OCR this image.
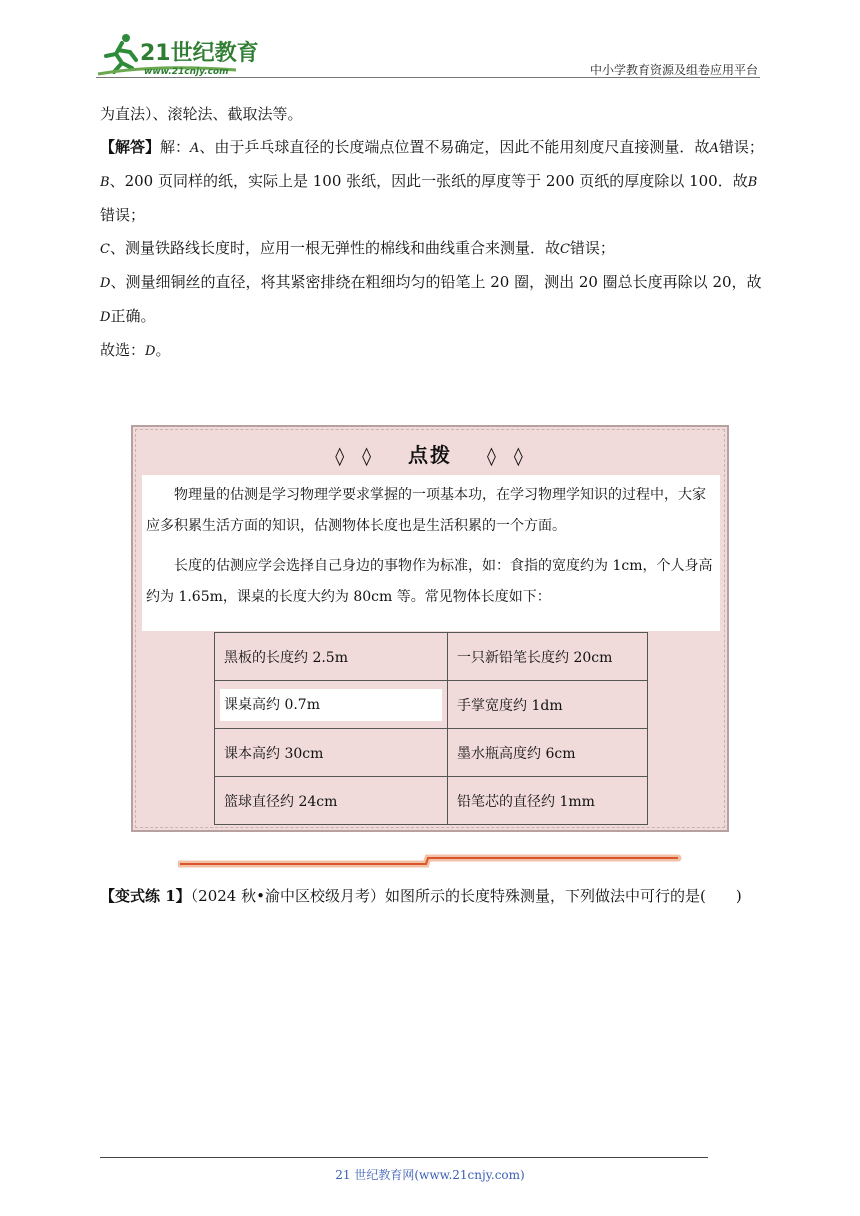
21世纪教育
www.21cnjy.com	中小学教育资源及组卷应用平台

为直法）、滚轮法、截取法等。

【解答】解：A、由于乒乓球直径的长度端点位置不易确定，因此不能用刻度尺直接测量．故A错误；

B、200 页同样的纸，实际上是 100 张纸，因此一张纸的厚度等于 200 页纸的厚度除以 100．故B错误；

C、测量铁路线长度时，应用一根无弹性的棉线和曲线重合来测量．故C错误；

D、测量细铜丝的直径，将其紧密排绕在粗细均匀的铅笔上 20 圈，测出 20 圈总长度再除以 20，故D正确。

故选：D。

◊ ◊ 点拨 ◊ ◊

物理量的估测是学习物理学要求掌握的一项基本功，在学习物理学知识的过程中，大家应多积累生活方面的知识，估测物体长度也是生活积累的一个方面。

长度的估测应学会选择自己身边的事物作为标准，如：食指的宽度约为 1cm，个人身高约为 1.65m，课桌的长度大约为 80cm 等。常见物体长度如下：

黑板的长度约 2.5m	一只新铅笔长度约 20cm
课桌高约 0.7m	手掌宽度约 1dm
课本高约 30cm	墨水瓶高度约 6cm
篮球直径约 24cm	铅笔芯的直径约 1mm

【变式练 1】（2024 秋•渝中区校级月考）如图所示的长度特殊测量，下列做法中可行的是(　　)

21 世纪教育网(www.21cnjy.com)
